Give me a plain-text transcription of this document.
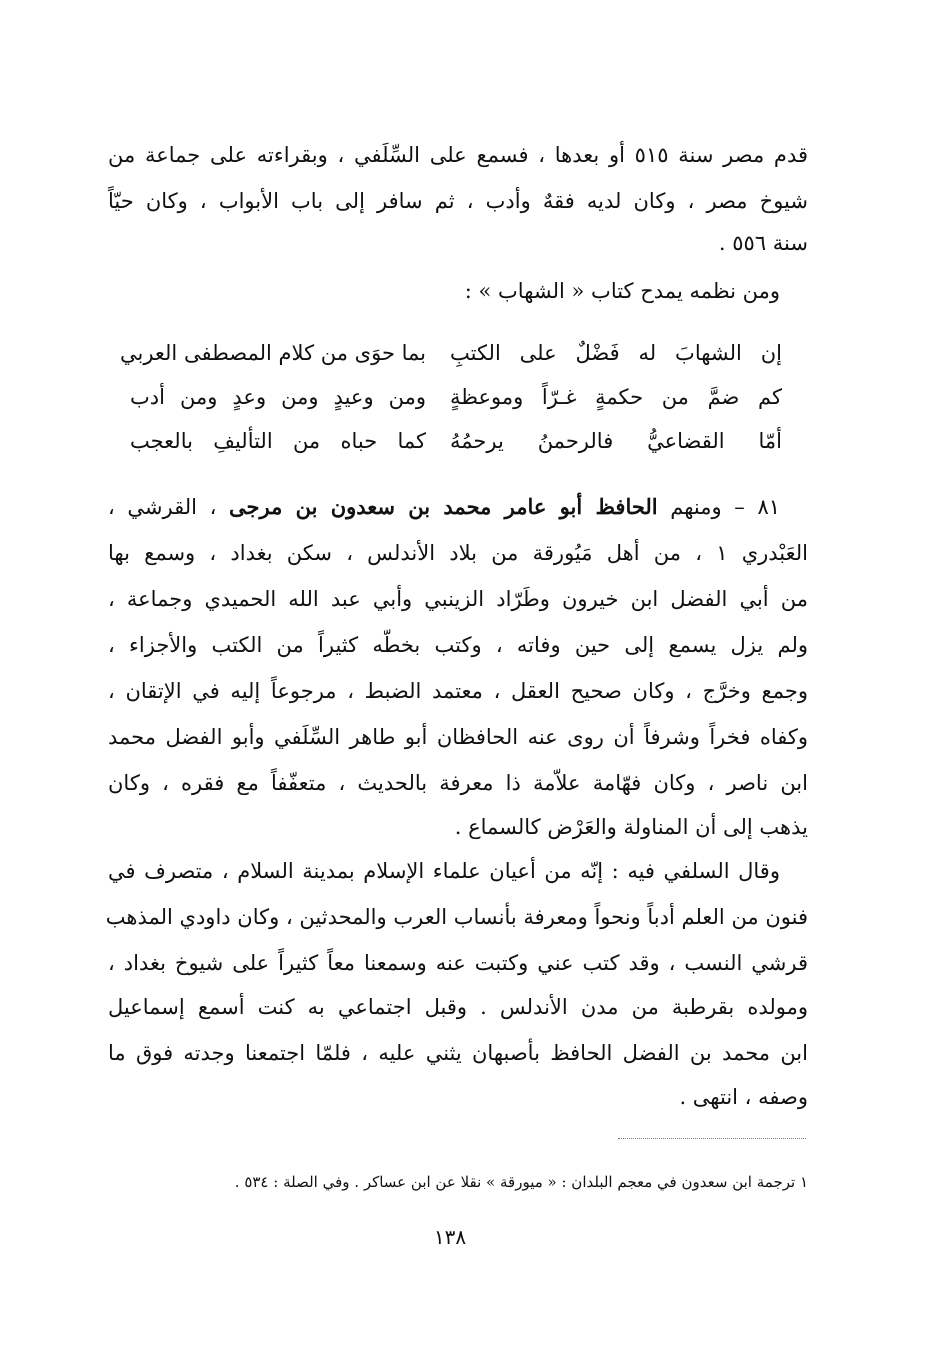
قدم مصر سنة ٥١٥ أو بعدها ، فسمع على السِّلَفي ، وبقراءته على جماعة من
شيوخ مصر ، وكان لديه فقهٌ وأدب ، ثم سافر إلى باب الأبواب ، وكان حيّاً
سنة ٥٥٦ .
ومن نظمه يمدح كتاب « الشهاب » :
إن الشهابَ له فَضْلٌ على الكتبِ
بما حوَى من كلام المصطفى العربي
كم ضمَّ من حكمةٍ غـرّاً وموعظةٍ
ومن وعيدٍ ومن وعدٍ ومن أدب
أمّا القضاعيُّ فالرحمنُ يرحمُهُ
كما حباه من التأليفِ بالعجب
٨١ – ومنهم الحافظ أبو عامر محمد بن سعدون بن مرجى ، القرشي ،
العَبْدري ١ ، من أهل مَيُورقة من بلاد الأندلس ، سكن بغداد ، وسمع بها
من أبي الفضل ابن خيرون وطَرّاد الزينبي وأبي عبد الله الحميدي وجماعة ،
ولم يزل يسمع إلى حين وفاته ، وكتب بخطّه كثيراً من الكتب والأجزاء ،
وجمع وخرَّج ، وكان صحيح العقل ، معتمد الضبط ، مرجوعاً إليه في الإتقان ،
وكفاه فخراً وشرفاً أن روى عنه الحافظان أبو طاهر السِّلَفي وأبو الفضل محمد
ابن ناصر ، وكان فهّامة علاّمة ذا معرفة بالحديث ، متعفّفاً مع فقره ، وكان
يذهب إلى أن المناولة والعَرْض كالسماع .
وقال السلفي فيه : إنّه من أعيان علماء الإسلام بمدينة السلام ، متصرف في
فنون من العلم أدباً ونحواً ومعرفة بأنساب العرب والمحدثين ، وكان داودي المذهب
قرشي النسب ، وقد كتب عني وكتبت عنه وسمعنا معاً كثيراً على شيوخ بغداد ،
ومولده بقرطبة من مدن الأندلس . وقبل اجتماعي به كنت أسمع إسماعيل
ابن محمد بن الفضل الحافظ بأصبهان يثني عليه ، فلمّا اجتمعنا وجدته فوق ما
وصفه ، انتهى .
١ ترجمة ابن سعدون في معجم البلدان : « ميورقة » نقلا عن ابن عساكر . وفي الصلة : ٥٣٤ .
١٣٨
